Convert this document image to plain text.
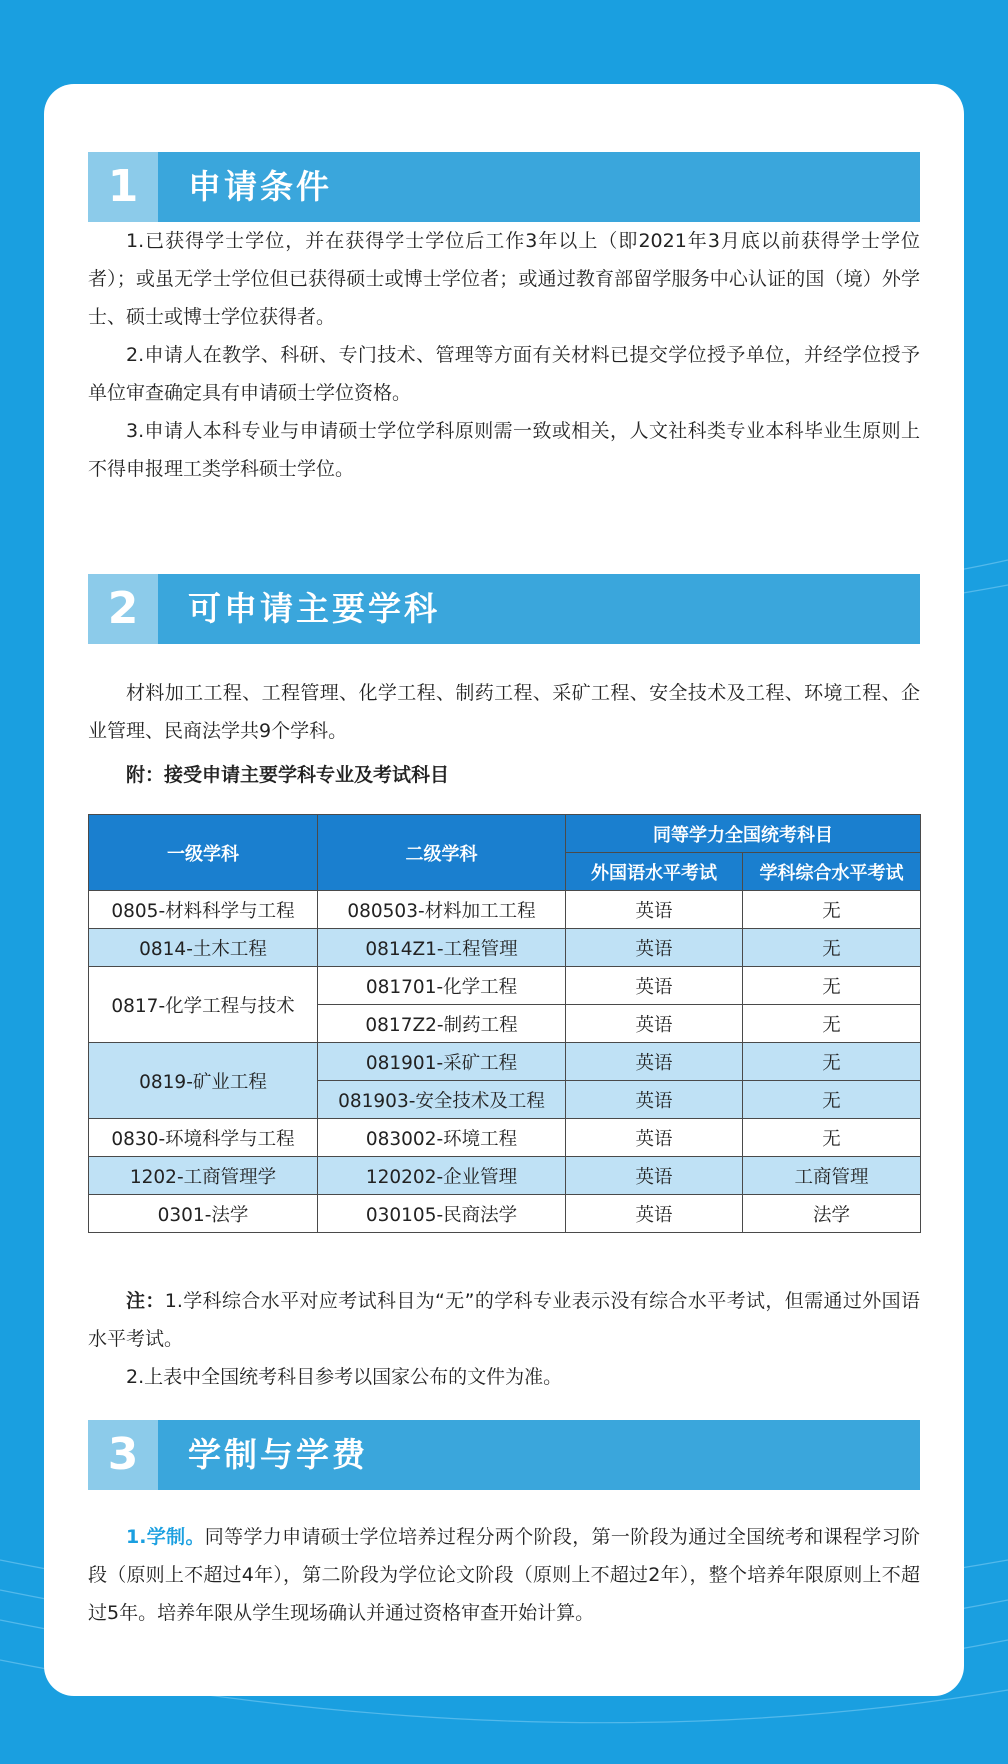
1	申请条件

1.已获得学士学位，并在获得学士学位后工作3年以上（即2021年3月底以前获得学士学位者）；或虽无学士学位但已获得硕士或博士学位者；或通过教育部留学服务中心认证的国（境）外学士、硕士或博士学位获得者。

2.申请人在教学、科研、专门技术、管理等方面有关材料已提交学位授予单位，并经学位授予单位审查确定具有申请硕士学位资格。

3.申请人本科专业与申请硕士学位学科原则需一致或相关，人文社科类专业本科毕业生原则上不得申报理工类学科硕士学位。

2	可申请主要学科

材料加工工程、工程管理、化学工程、制药工程、采矿工程、安全技术及工程、环境工程、企业管理、民商法学共9个学科。

附：接受申请主要学科专业及考试科目

一级学科	二级学科	同等学力全国统考科目	
		外国语水平考试	学科综合水平考试
0805-材料科学与工程	080503-材料加工工程	英语	无
0814-土木工程	0814Z1-工程管理	英语	无
0817-化学工程与技术	081701-化学工程	英语	无
	0817Z2-制药工程	英语	无
0819-矿业工程	081901-采矿工程	英语	无
	081903-安全技术及工程	英语	无
0830-环境科学与工程	083002-环境工程	英语	无
1202-工商管理学	120202-企业管理	英语	工商管理
0301-法学	030105-民商法学	英语	法学

注：1.学科综合水平对应考试科目为“无”的学科专业表示没有综合水平考试，但需通过外国语水平考试。

2.上表中全国统考科目参考以国家公布的文件为准。

3	学制与学费

1.学制。同等学力申请硕士学位培养过程分两个阶段，第一阶段为通过全国统考和课程学习阶段（原则上不超过4年），第二阶段为学位论文阶段（原则上不超过2年），整个培养年限原则上不超过5年。培养年限从学生现场确认并通过资格审查开始计算。
